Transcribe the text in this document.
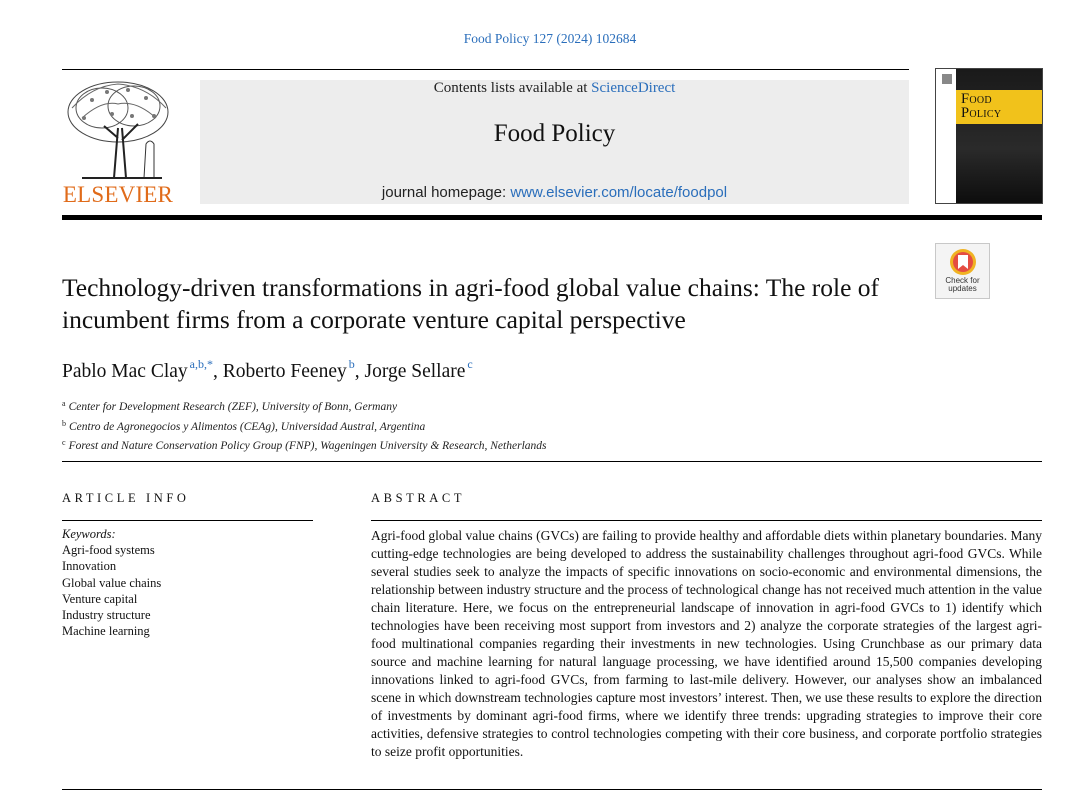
Food Policy 127 (2024) 102684
ELSEVIER
Contents lists available at ScienceDirect
Food Policy
journal homepage: www.elsevier.com/locate/foodpol
Food
Policy
Check for
updates
Technology-driven transformations in agri-food global value chains: The role of incumbent firms from a corporate venture capital perspective
Pablo Mac Clay $^{a,b,*}$, Roberto Feeney $^b$, Jorge Sellare $^c$
$^a$ Center for Development Research (ZEF), University of Bonn, Germany
$^b$ Centro de Agronegocios y Alimentos (CEAg), Universidad Austral, Argentina
$^c$ Forest and Nature Conservation Policy Group (FNP), Wageningen University & Research, Netherlands
ARTICLE INFO	ABSTRACT
Keywords:
Agri-food systems
Innovation
Global value chains
Venture capital
Industry structure
Machine learning
Agri-food global value chains (GVCs) are failing to provide healthy and affordable diets within planetary boundaries. Many cutting-edge technologies are being developed to address the sustainability challenges throughout agri-food GVCs. While several studies seek to analyze the impacts of specific innovations on socio-economic and environmental dimensions, the relationship between industry structure and the process of technological change has not received much attention in the value chain literature. Here, we focus on the entrepreneurial landscape of innovation in agri-food GVCs to 1) identify which technologies have been receiving most support from investors and 2) analyze the corporate strategies of the largest agri-food multinational companies regarding their investments in new technologies. Using Crunchbase as our primary data source and machine learning for natural language processing, we have identified around 15,500 companies developing innovations linked to agri-food GVCs, from farming to last-mile delivery. However, our analyses show an imbalanced scene in which downstream technologies capture most investors’ interest. Then, we use these results to explore the direction of investments by dominant agri-food firms, where we identify three trends: upgrading strategies to improve their core activities, defensive strategies to control technologies competing with their core business, and corporate portfolio strategies to seize profit opportunities.
